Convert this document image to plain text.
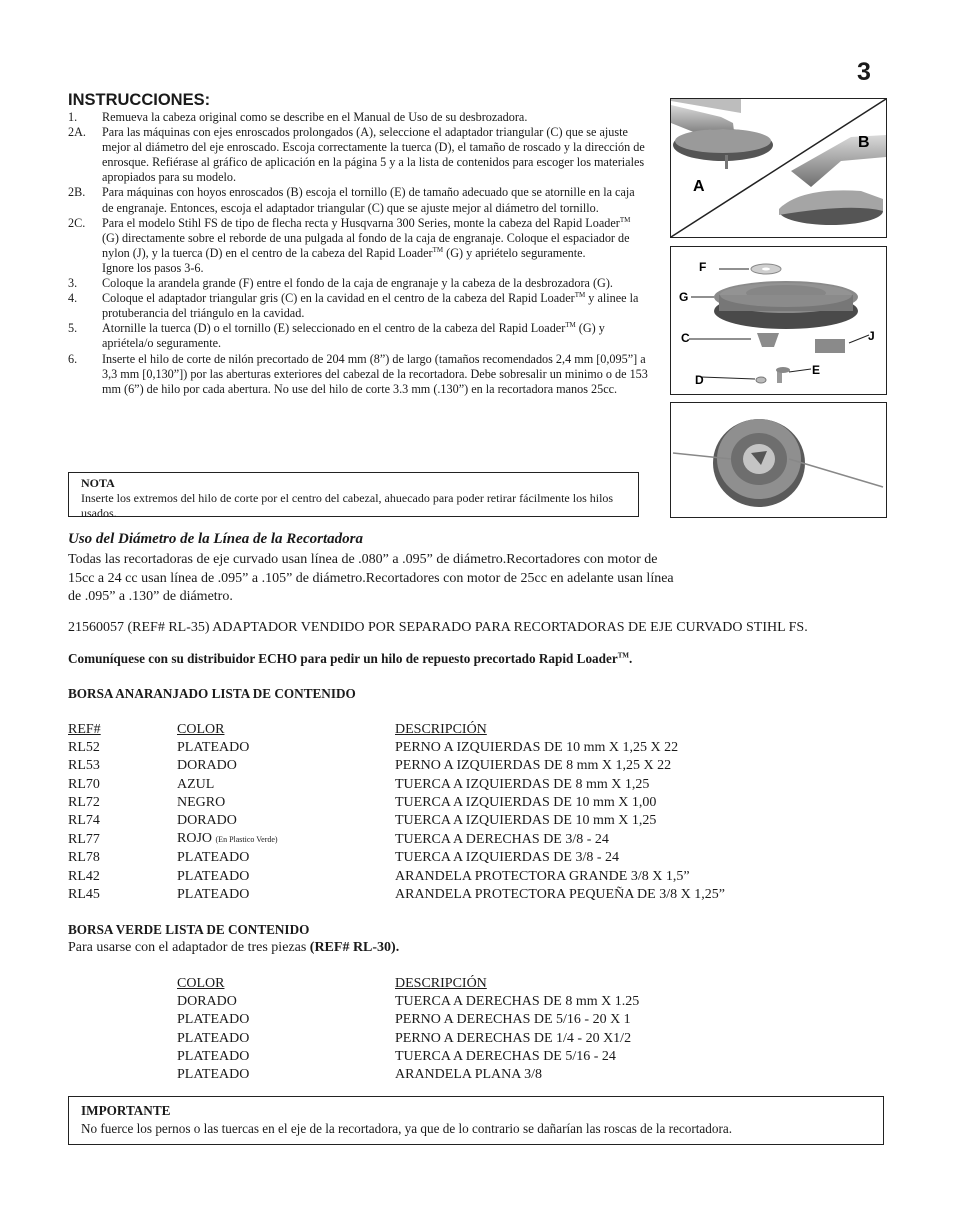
3
INSTRUCCIONES:
1.	Remueva la cabeza original como se describe en el Manual de Uso de su desbrozadora.
2A.	Para las máquinas con ejes enroscados prolongados (A), seleccione el adaptador triangular (C) que se ajuste mejor al diámetro del eje enroscado. Escoja correctamente la tuerca (D), el tamaño de roscado y la dirección de enrosque. Refiérase al gráfico de aplicación en la página 5 y a la lista de contenidos para escoger los materiales apropiados para su modelo.
2B.	Para máquinas con hoyos enroscados (B) escoja el tornillo (E) de tamaño adecuado que se atornille en la caja de engranaje. Entonces, escoja el adaptador triangular (C) que se ajuste mejor al diámetro del tornillo.
2C.	Para el modelo Stihl FS de tipo de flecha recta y Husqvarna 300 Series, monte la cabeza del Rapid Loader™ (G) directamente sobre el reborde de una pulgada al fondo de la caja de engranaje. Coloque el espaciador de nylon (J), y la tuerca (D) en el centro de la cabeza del Rapid Loader™ (G) y apriételo seguramente.
Ignore los pasos 3-6.
3.	Coloque la arandela grande (F) entre el fondo de la caja de engranaje y la cabeza de la desbrozadora (G).
4.	Coloque el adaptador triangular gris (C) en la cavidad en el centro de la cabeza del Rapid Loader™ y alinee la protuberancia del triángulo en la cavidad.
5.	Atornille la tuerca (D) o el tornillo (E) seleccionado en el centro de la cabeza del Rapid Loader™ (G) y apriétela/o seguramente.
6.	Inserte el hilo de corte de nilón precortado de 204 mm (8”) de largo (tamaños recomendados 2,4 mm [0,095”] a 3,3 mm [0,130”]) por las aberturas exteriores del cabezal de la recortadora. Debe sobresalir un minimo o de 153 mm (6”) de hilo por cada abertura. No use del hilo de corte 3.3 mm (.130”) en la recortadora manos 25cc.
NOTA
Inserte los extremos del hilo de corte por el centro del cabezal, ahuecado para poder retirar fácilmente los hilos usados.
B
A
F
G
C	J
D
E
Uso del Diámetro de la Línea de la Recortadora
Todas las recortadoras de eje curvado usan línea de .080” a .095” de diámetro.Recortadores con motor de 15cc a 24 cc usan línea de .095” a .105” de diámetro.Recortadores con motor de 25cc en adelante usan línea de .095” a .130” de diámetro.
21560057 (REF# RL-35) ADAPTADOR VENDIDO POR SEPARADO PARA RECORTADORAS DE EJE CURVADO STIHL FS.
Comuníquese con su distribuidor ECHO para pedir un hilo de repuesto precortado Rapid Loader™.
BORSA ANARANJADO LISTA DE CONTENIDO
REF#	COLOR	DESCRIPCIÓN
RL52	PLATEADO	PERNO A IZQUIERDAS DE 10 mm X 1,25 X 22
RL53	DORADO	PERNO A IZQUIERDAS DE 8 mm X 1,25 X 22
RL70	AZUL	TUERCA A IZQUIERDAS DE 8 mm X 1,25
RL72	NEGRO	TUERCA A IZQUIERDAS DE 10 mm X 1,00
RL74	DORADO	TUERCA A IZQUIERDAS DE 10 mm X 1,25
RL77	ROJO (En Plastico Verde)	TUERCA A DERECHAS DE 3/8 - 24
RL78	PLATEADO	TUERCA A IZQUIERDAS DE 3/8 - 24
RL42	PLATEADO	ARANDELA PROTECTORA GRANDE 3/8 X 1,5”
RL45	PLATEADO	ARANDELA PROTECTORA PEQUEÑA DE 3/8 X 1,25”
BORSA VERDE LISTA DE CONTENIDO
Para usarse con el adaptador de tres piezas (REF# RL-30).
	COLOR	DESCRIPCIÓN
	DORADO	TUERCA A DERECHAS DE 8 mm X 1.25
	PLATEADO	PERNO A DERECHAS DE 5/16 - 20 X 1
	PLATEADO	PERNO A DERECHAS DE 1/4 - 20 X1/2
	PLATEADO	TUERCA A DERECHAS DE 5/16 - 24
	PLATEADO	ARANDELA PLANA 3/8
IMPORTANTE
No fuerce los pernos o las tuercas en el eje de la recortadora, ya que de lo contrario se dañarían las roscas de la recortadora.
